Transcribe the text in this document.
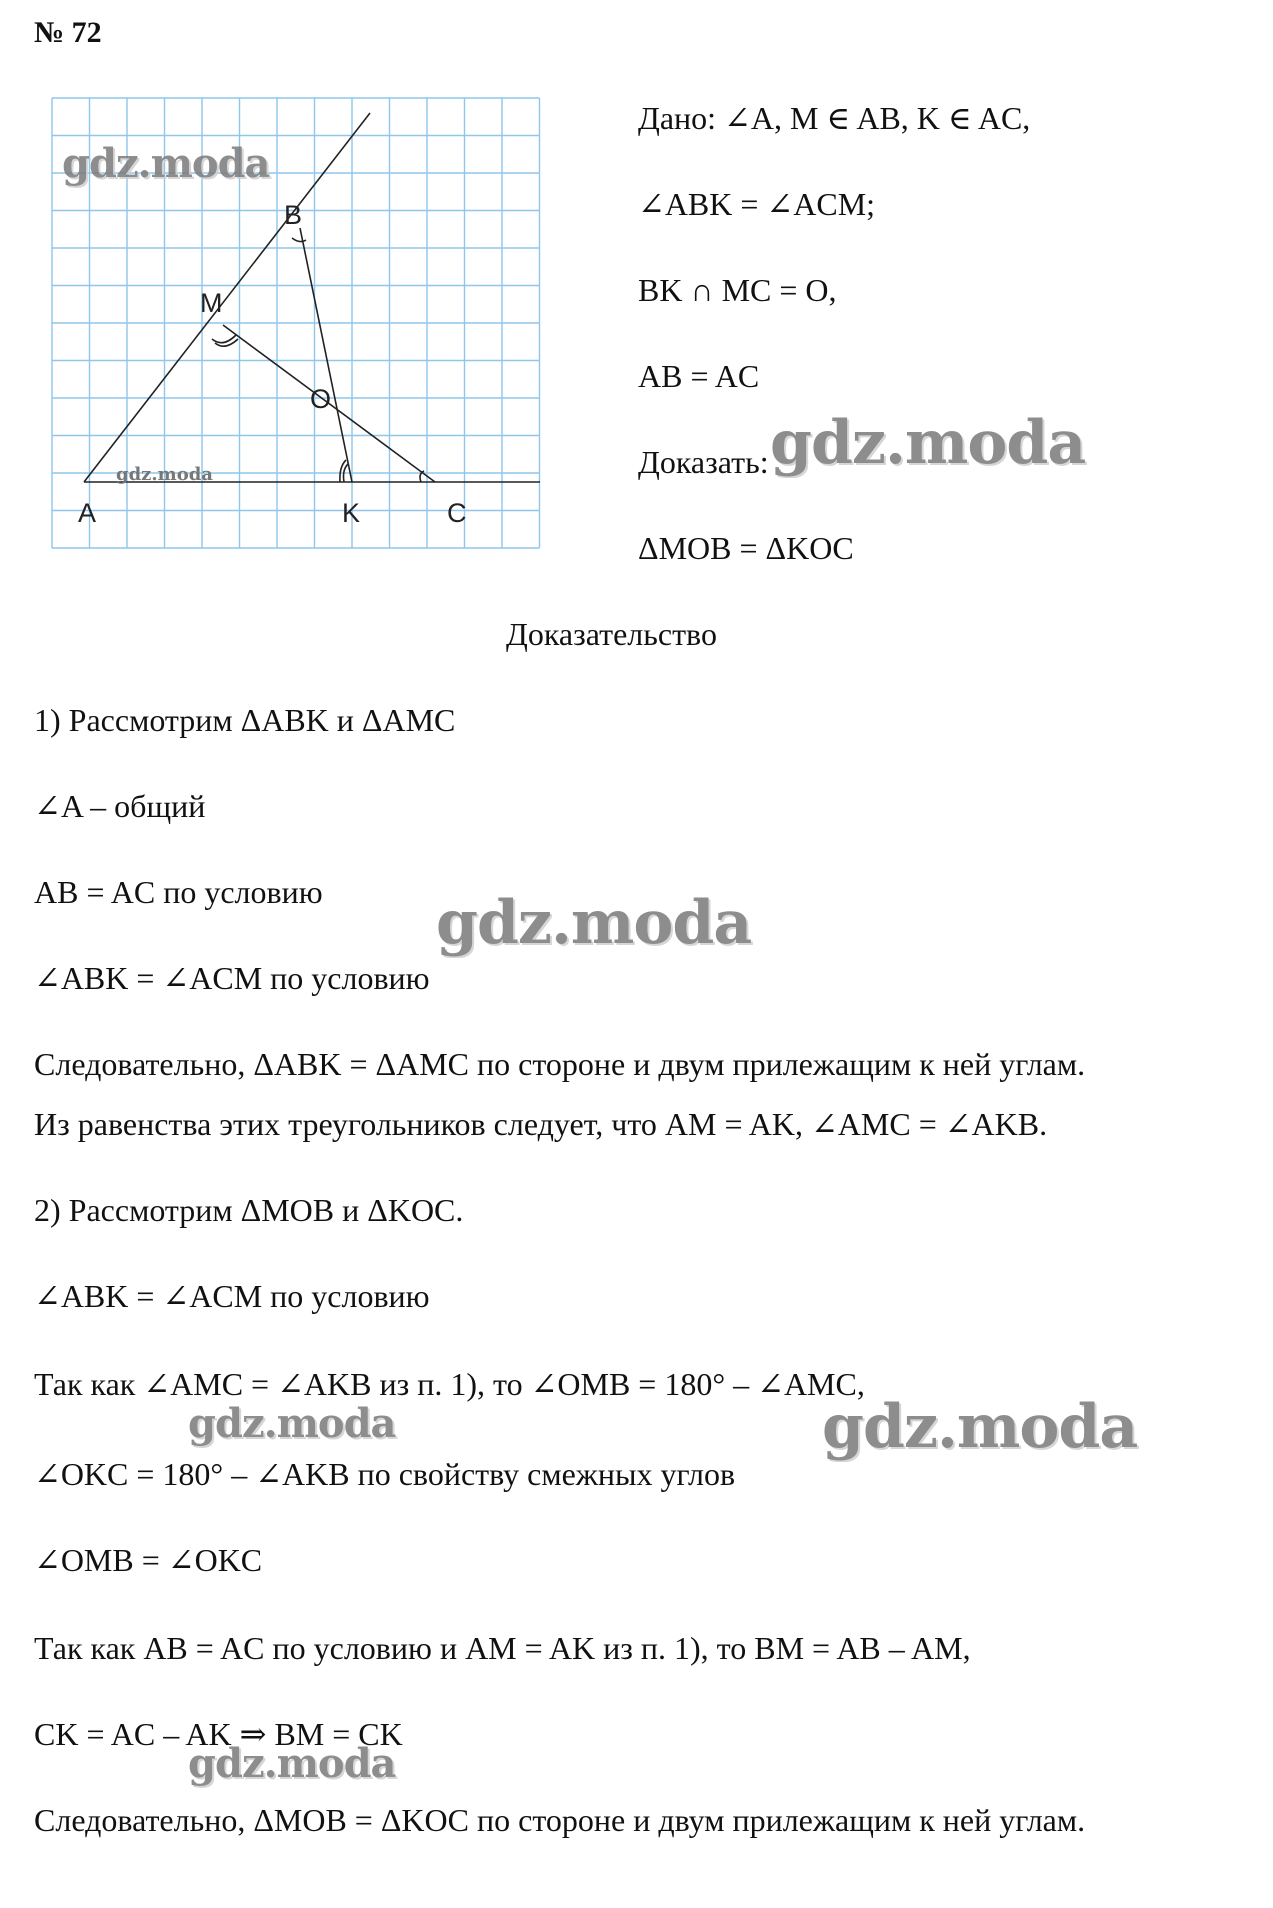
№ 72
B
M
O
A	K	C
gdz.moda
gdz.moda
Дано: ∠A, M ∈ AB, K ∈ AC,
∠ABK = ∠ACM;
BK ∩ MC = O,
AB = AC
Доказать:
ΔMOB = ΔKOC
gdz.moda
Доказательство
1) Рассмотрим ΔABK и ΔAMC
∠A – общий
AB = AC по условию
∠ABK = ∠ACM по условию
Следовательно, ΔABK = ΔAMC по стороне и двум прилежащим к ней углам.
Из равенства этих треугольников следует, что AM = AK, ∠AMC = ∠AKB.
2) Рассмотрим ΔMOB и ΔKOC.
∠ABK = ∠ACM по условию
Так как ∠AMC = ∠AKB из п. 1), то ∠OMB = 180° – ∠AMC,
∠OKC = 180° – ∠AKB по свойству смежных углов
∠OMB = ∠OKC
Так как AB = AC по условию и AM = AK из п. 1), то BM = AB – AM,
CK = AC – AK ⇒ BM = CK
Следовательно, ΔMOB = ΔKOC по стороне и двум прилежащим к ней углам.
gdz.moda
gdz.moda	gdz.moda
gdz.moda
